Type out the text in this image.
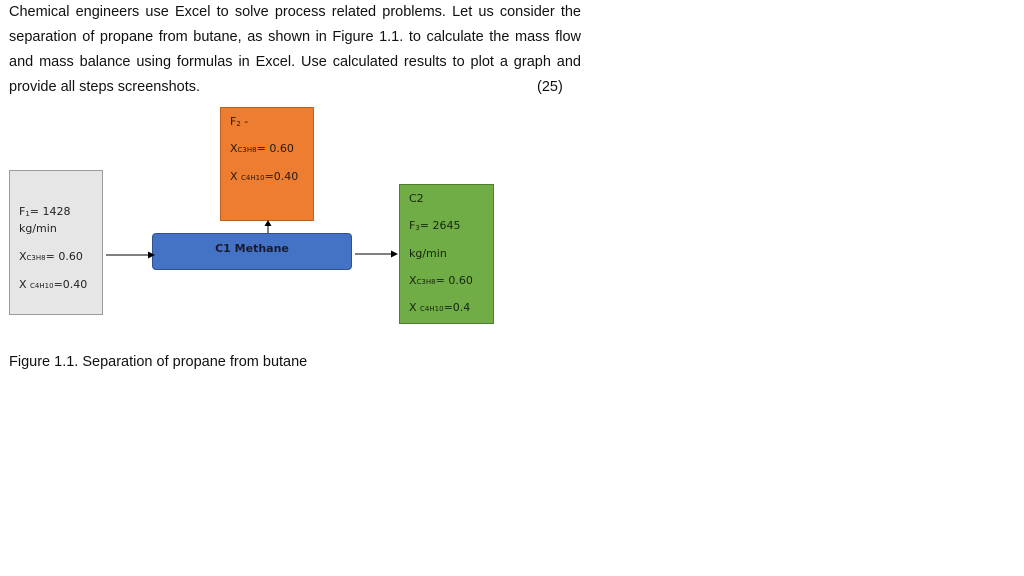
Chemical engineers use Excel to solve process related problems. Let us consider the
separation of propane from butane, as shown in Figure 1.1. to calculate the mass flow
and mass balance using formulas in Excel. Use calculated results to plot a graph and
provide all steps screenshots.	(25)
$F_1= 1428$
kg/min
XC3H8= 0.60
X C4H10=0.40
$F_2$ -
XC3H8= 0.60
X C4H10=0.40
C1 Methane
C2
$F_3= 2645$
kg/min
XC3H8= 0.60
X C4H10=0.4
Figure 1.1. Separation of propane from butane
